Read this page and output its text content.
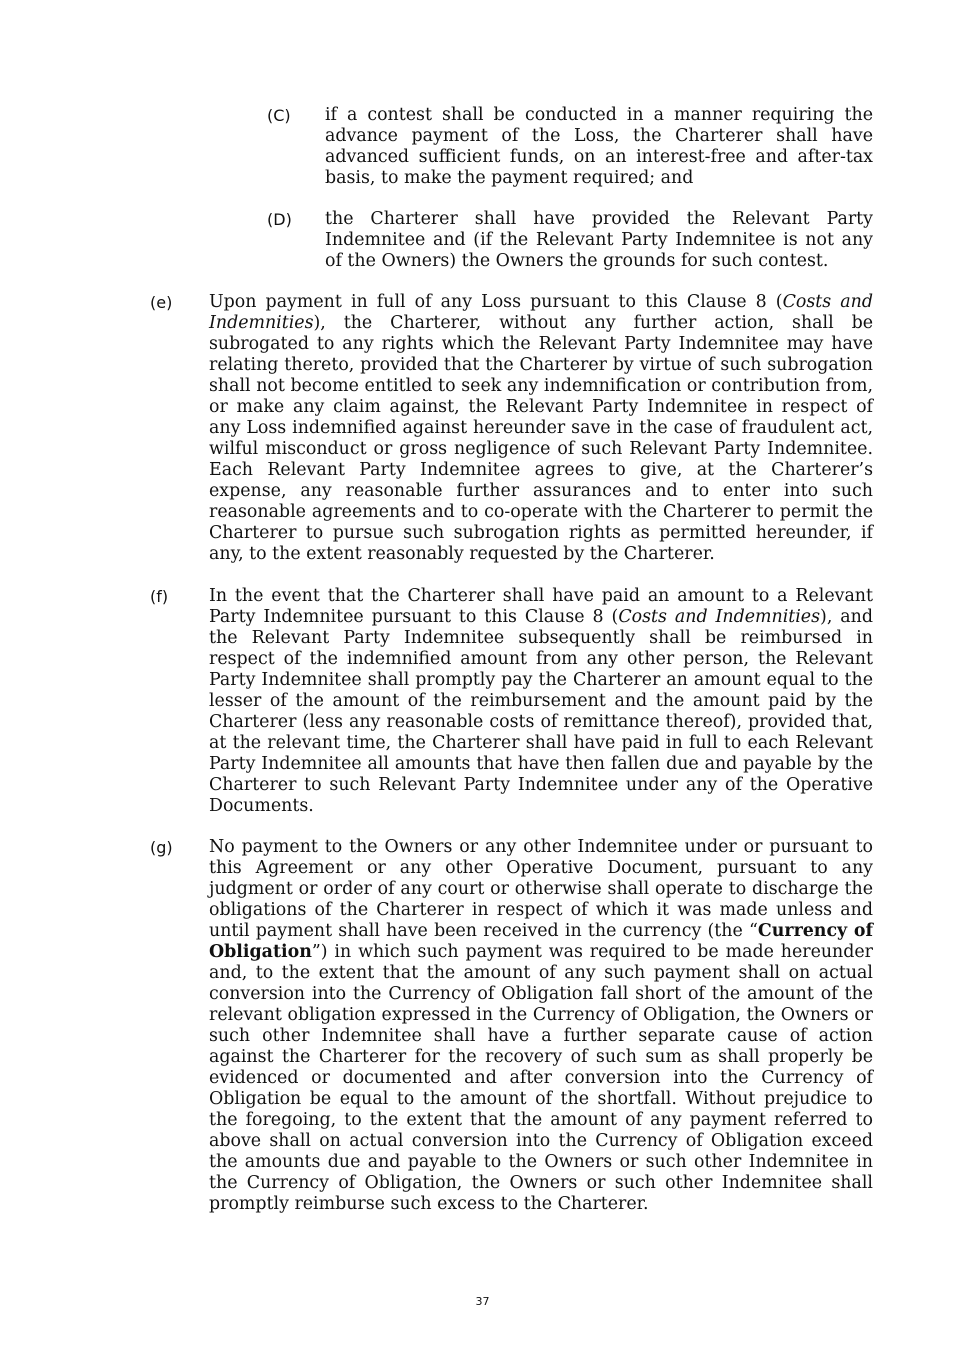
(C) if a contest shall be conducted in a manner requiring the advance payment of the Loss, the Charterer shall have advanced sufficient funds, on an interest-free and after-tax basis, to make the payment required; and
(D) the Charterer shall have provided the Relevant Party Indemnitee and (if the Relevant Party Indemnitee is not any of the Owners) the Owners the grounds for such contest.
(e) Upon payment in full of any Loss pursuant to this Clause 8 (Costs and Indemnities), the Charterer, without any further action, shall be subrogated to any rights which the Relevant Party Indemnitee may have relating thereto, provided that the Charterer by virtue of such subrogation shall not become entitled to seek any indemnification or contribution from, or make any claim against, the Relevant Party Indemnitee in respect of any Loss indemnified against hereunder save in the case of fraudulent act, wilful misconduct or gross negligence of such Relevant Party Indemnitee. Each Relevant Party Indemnitee agrees to give, at the Charterer’s expense, any reasonable further assurances and to enter into such reasonable agreements and to co-operate with the Charterer to permit the Charterer to pursue such subrogation rights as permitted hereunder, if any, to the extent reasonably requested by the Charterer.
(f) In the event that the Charterer shall have paid an amount to a Relevant Party Indemnitee pursuant to this Clause 8 (Costs and Indemnities), and the Relevant Party Indemnitee subsequently shall be reimbursed in respect of the indemnified amount from any other person, the Relevant Party Indemnitee shall promptly pay the Charterer an amount equal to the lesser of the amount of the reimbursement and the amount paid by the Charterer (less any reasonable costs of remittance thereof), provided that, at the relevant time, the Charterer shall have paid in full to each Relevant Party Indemnitee all amounts that have then fallen due and payable by the Charterer to such Relevant Party Indemnitee under any of the Operative Documents.
(g) No payment to the Owners or any other Indemnitee under or pursuant to this Agreement or any other Operative Document, pursuant to any judgment or order of any court or otherwise shall operate to discharge the obligations of the Charterer in respect of which it was made unless and until payment shall have been received in the currency (the “Currency of Obligation”) in which such payment was required to be made hereunder and, to the extent that the amount of any such payment shall on actual conversion into the Currency of Obligation fall short of the amount of the relevant obligation expressed in the Currency of Obligation, the Owners or such other Indemnitee shall have a further separate cause of action against the Charterer for the recovery of such sum as shall properly be evidenced or documented and after conversion into the Currency of Obligation be equal to the amount of the shortfall. Without prejudice to the foregoing, to the extent that the amount of any payment referred to above shall on actual conversion into the Currency of Obligation exceed the amounts due and payable to the Owners or such other Indemnitee in the Currency of Obligation, the Owners or such other Indemnitee shall promptly reimburse such excess to the Charterer.
37
